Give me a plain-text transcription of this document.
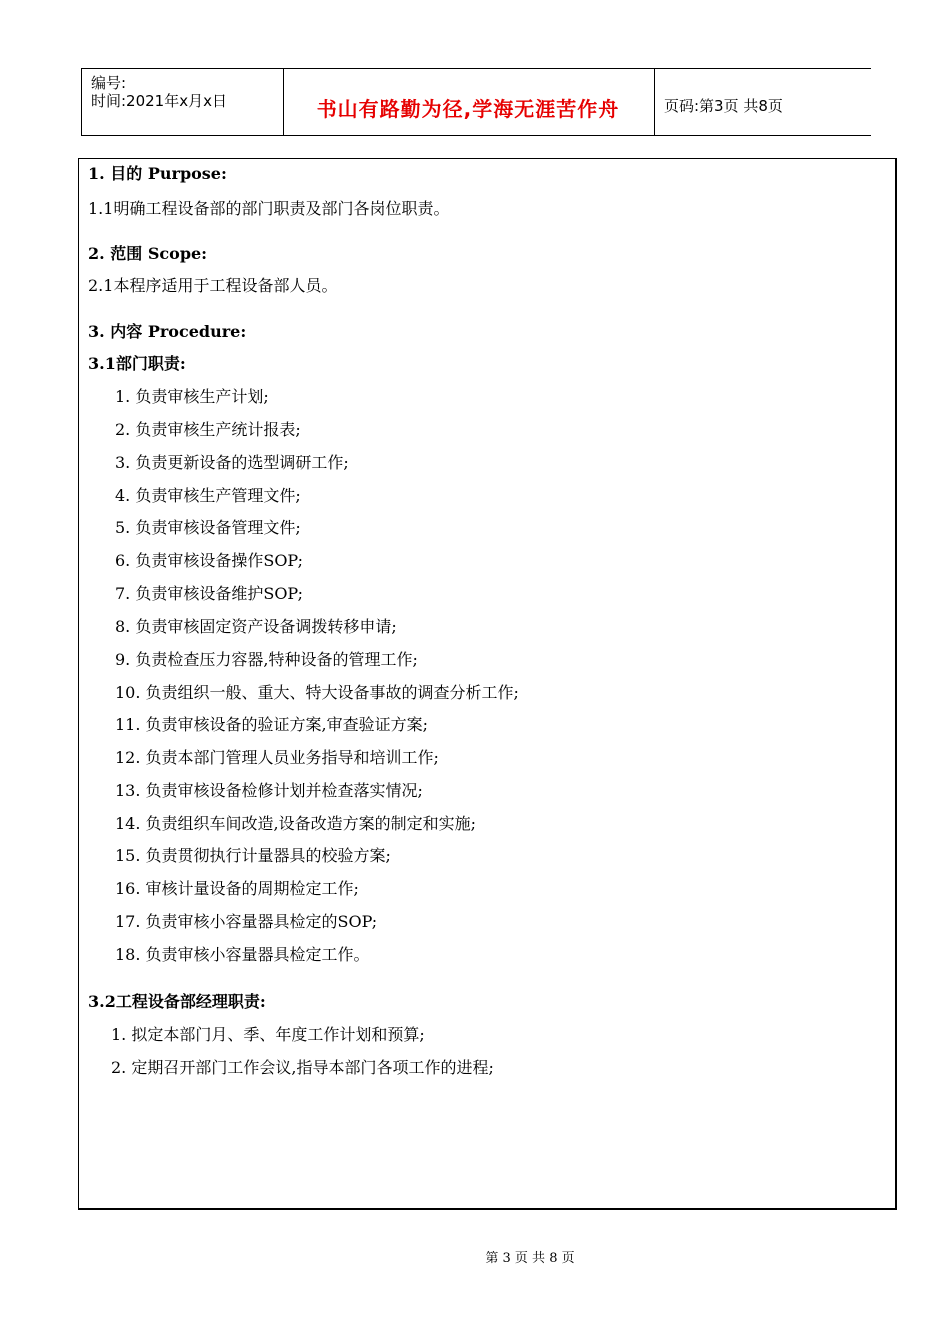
编号:
时间:2021年x月x日	书山有路勤为径,学海无涯苦作舟	页码:第3页 共8页
1. 目的 Purpose:
1.1明确工程设备部的部门职责及部门各岗位职责。
2. 范围 Scope:
2.1本程序适用于工程设备部人员。
3. 内容 Procedure:
3.1部门职责:
1. 负责审核生产计划;
2. 负责审核生产统计报表;
3. 负责更新设备的选型调研工作;
4. 负责审核生产管理文件;
5. 负责审核设备管理文件;
6. 负责审核设备操作SOP;
7. 负责审核设备维护SOP;
8. 负责审核固定资产设备调拨转移申请;
9. 负责检查压力容器,特种设备的管理工作;
10. 负责组织一般、重大、特大设备事故的调查分析工作;
11. 负责审核设备的验证方案,审查验证方案;
12. 负责本部门管理人员业务指导和培训工作;
13. 负责审核设备检修计划并检查落实情况;
14. 负责组织车间改造,设备改造方案的制定和实施;
15. 负责贯彻执行计量器具的校验方案;
16. 审核计量设备的周期检定工作;
17. 负责审核小容量器具检定的SOP;
18. 负责审核小容量器具检定工作。
3.2工程设备部经理职责:
1. 拟定本部门月、季、年度工作计划和预算;
2. 定期召开部门工作会议,指导本部门各项工作的进程;
第 3 页 共 8 页
